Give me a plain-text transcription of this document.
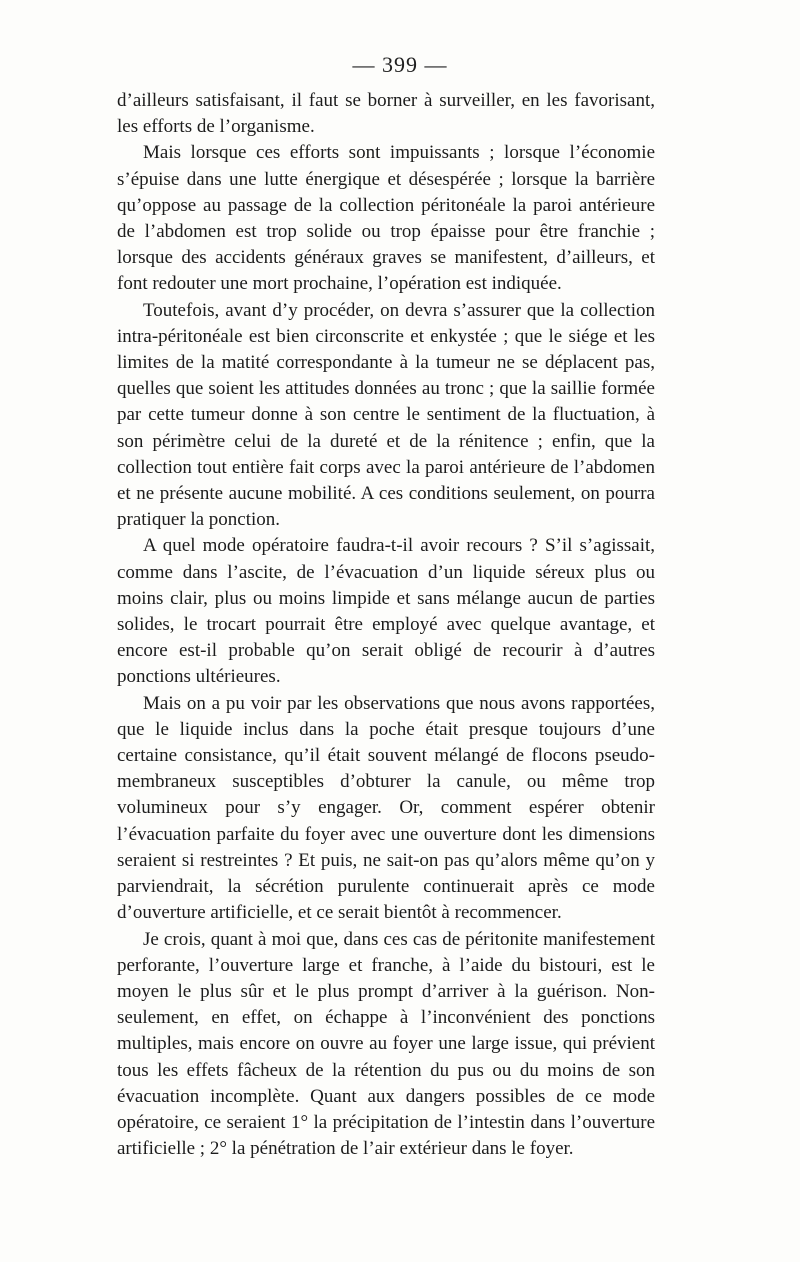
— 399 —

d’ailleurs satisfaisant, il faut se borner à surveiller, en les favorisant, les efforts de l’organisme.

Mais lorsque ces efforts sont impuissants ; lorsque l’économie s’épuise dans une lutte énergique et désespérée ; lorsque la barrière qu’oppose au passage de la collection péritonéale la paroi antérieure de l’abdomen est trop solide ou trop épaisse pour être franchie ; lorsque des accidents généraux graves se manifestent, d’ailleurs, et font redouter une mort prochaine, l’opération est indiquée.

Toutefois, avant d’y procéder, on devra s’assurer que la collection intra-péritonéale est bien circonscrite et enkystée ; que le siége et les limites de la matité correspondante à la tumeur ne se déplacent pas, quelles que soient les attitudes données au tronc ; que la saillie formée par cette tumeur donne à son centre le sentiment de la fluctuation, à son périmètre celui de la dureté et de la rénitence ; enfin, que la collection tout entière fait corps avec la paroi antérieure de l’abdomen et ne présente aucune mobilité. A ces conditions seulement, on pourra pratiquer la ponction.

A quel mode opératoire faudra-t-il avoir recours ? S’il s’agissait, comme dans l’ascite, de l’évacuation d’un liquide séreux plus ou moins clair, plus ou moins limpide et sans mélange aucun de parties solides, le trocart pourrait être employé avec quelque avantage, et encore est-il probable qu’on serait obligé de recourir à d’autres ponctions ultérieures.

Mais on a pu voir par les observations que nous avons rapportées, que le liquide inclus dans la poche était presque toujours d’une certaine consistance, qu’il était souvent mélangé de flocons pseudo-membraneux susceptibles d’obturer la canule, ou même trop volumineux pour s’y engager. Or, comment espérer obtenir l’évacuation parfaite du foyer avec une ouverture dont les dimensions seraient si restreintes ? Et puis, ne sait-on pas qu’alors même qu’on y parviendrait, la sécrétion purulente continuerait après ce mode d’ouverture artificielle, et ce serait bientôt à recommencer.

Je crois, quant à moi que, dans ces cas de péritonite manifestement perforante, l’ouverture large et franche, à l’aide du bistouri, est le moyen le plus sûr et le plus prompt d’arriver à la guérison. Non-seulement, en effet, on échappe à l’inconvénient des ponctions multiples, mais encore on ouvre au foyer une large issue, qui prévient tous les effets fâcheux de la rétention du pus ou du moins de son évacuation incomplète. Quant aux dangers possibles de ce mode opératoire, ce seraient 1° la précipitation de l’intestin dans l’ouverture artificielle ; 2° la pénétration de l’air extérieur dans le foyer.
